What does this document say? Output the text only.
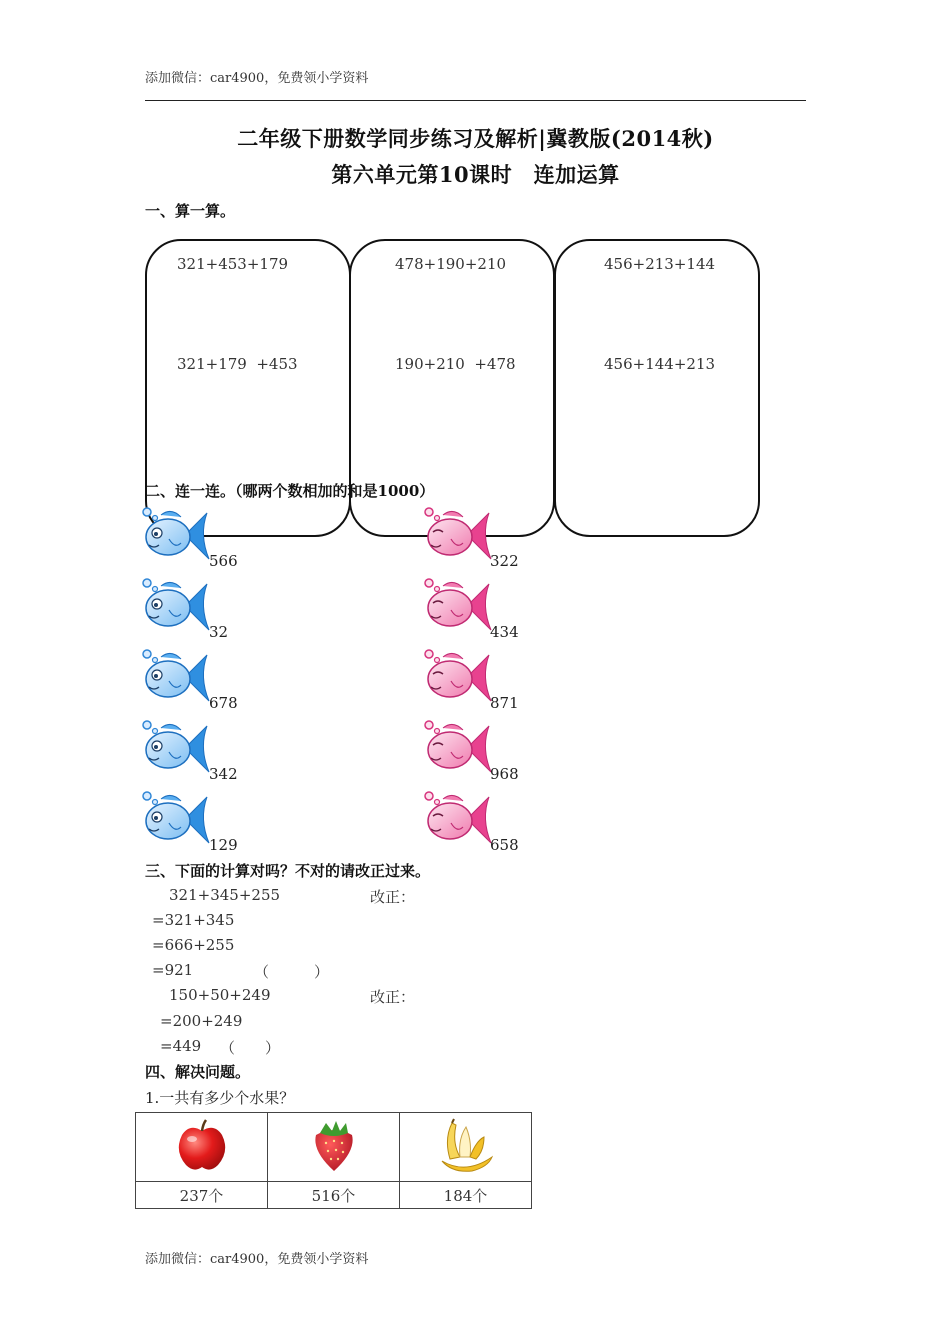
添加微信：car4900，免费领小学资料
二年级下册数学同步练习及解析|冀教版(2014秋)
第六单元第10课时　连加运算
一、算一算。
321+453+179
321+179  +453
478+190+210
190+210  +478
456+213+144
456+144+213
二、连一连。（哪两个数相加的和是1000）
566
32
678
342
129
322
434
871
968
658
三、下面的计算对吗？不对的请改正过来。
321+345+255	改正：
=321+345
=666+255
=921	（　　　）
150+50+249	改正：
=200+249
=449 （　　）
四、解决问题。
1.一共有多少个水果？

237个	516个	184个
添加微信：car4900，免费领小学资料
